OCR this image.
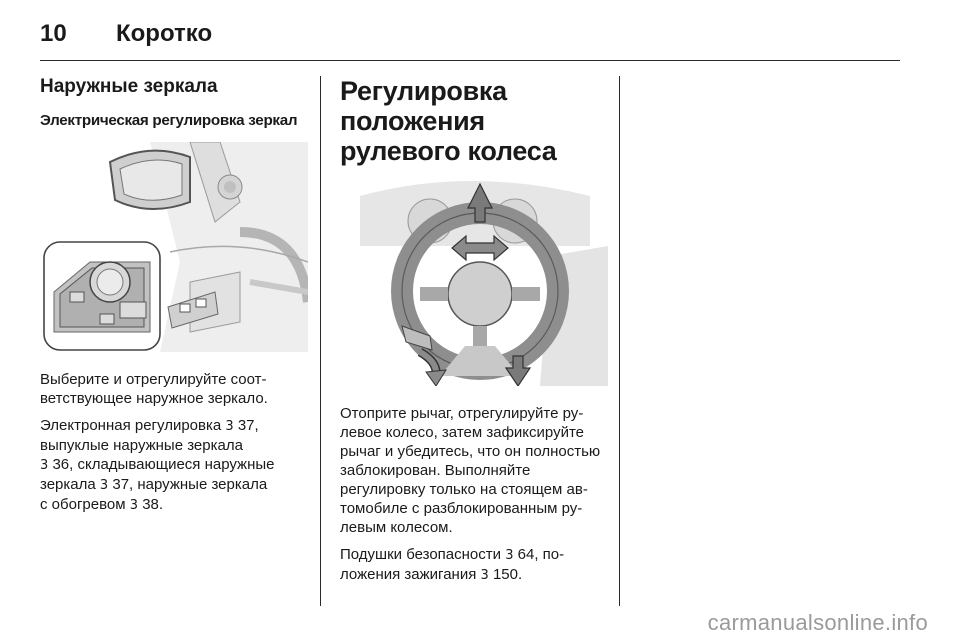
10	Коротко
Наружные зеркала
Электрическая регулировка зеркал

Выберите и отрегулируйте соответствующее наружное зеркало.

Электронная регулировка 3 37,
выпуклые наружные зеркала
3 36, складывающиеся наружные
зеркала 3 37, наружные зеркала
с обогревом 3 38.

Регулировка положения рулевого колеса

Отоприте рычаг, отрегулируйте рулевое колесо, затем зафиксируйте рычаг и убедитесь, что он полностью заблокирован. Выполняйте регулировку только на стоящем автомобиле с разблокированным рулевым колесом.

Подушки безопасности 3 64, по-
ложения зажигания 3 150.

carmanualsonline.info
